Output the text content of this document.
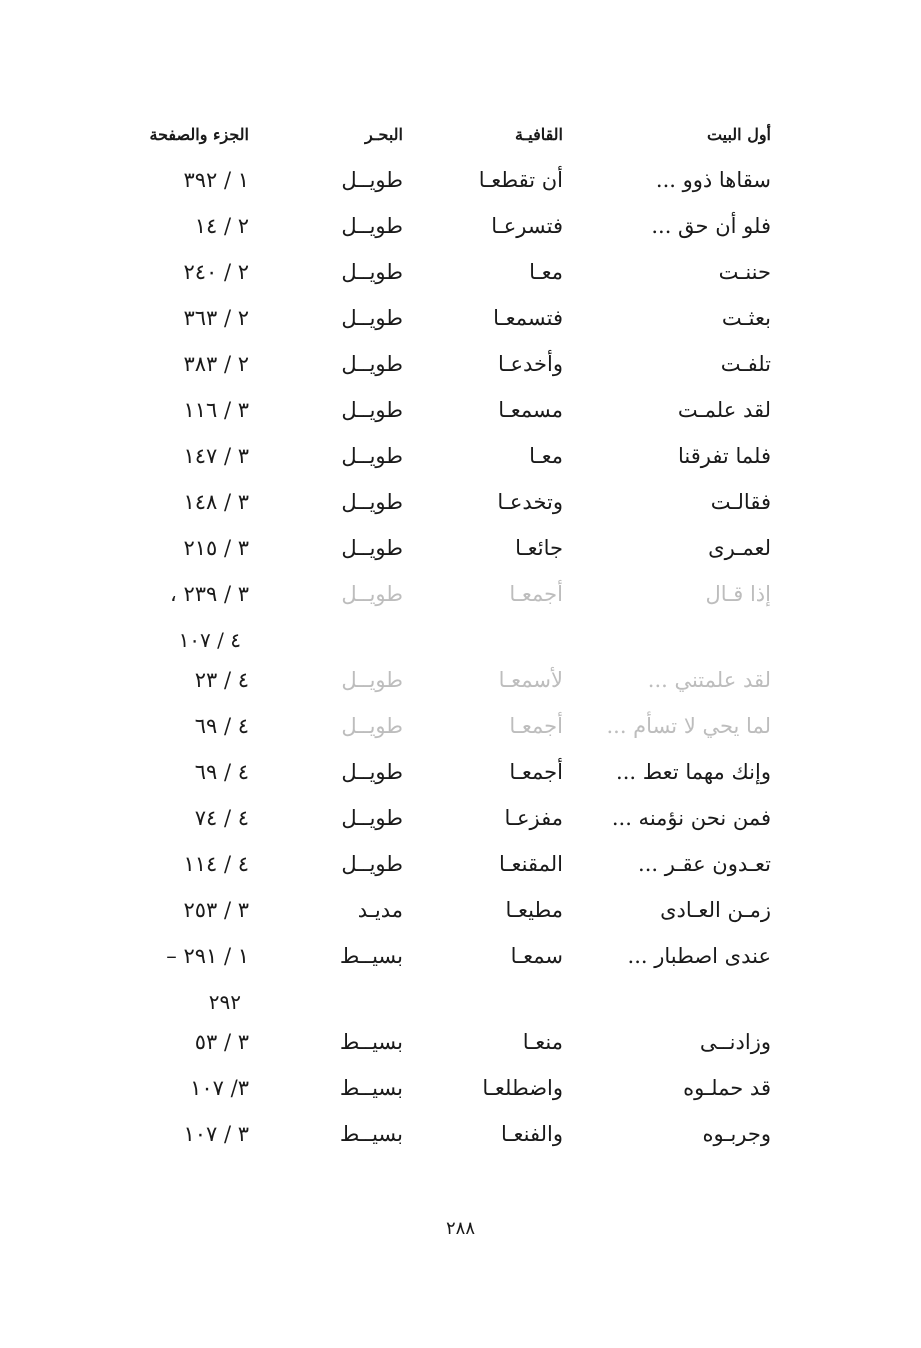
أول البيت
القافيـة
البحـر
الجزء والصفحة
سقاها ذوو ...
أن تقطعـا
طويــل
١ / ٣٩٢
فلو أن حق ...
فتسرعـا
طويــل
٢ / ١٤
حننـت
معـا
طويــل
٢ / ٢٤٠
بعثـت
فتسمعـا
طويــل
٢ / ٣٦٣
تلفـت
وأخدعـا
طويــل
٢ / ٣٨٣
لقد علمـت
مسمعـا
طويــل
٣ / ١١٦
فلما تفرقنا
معـا
طويــل
٣ / ١٤٧
فقالـت
وتخدعـا
طويــل
٣ / ١٤٨
لعمـرى
جائعـا
طويــل
٣ / ٢١٥
إذا قـال
أجمعـا
طويــل
٣ / ٢٣٩ ،
٤ / ١٠٧
لقد علمتني ...
لأسمعـا
طويــل
٤ / ٢٣
لما يحي لا تسأم ...
أجمعـا
طويــل
٤ / ٦٩
وإنك مهما تعط ...
أجمعـا
طويــل
٤ / ٦٩
فمن نحن نؤمنه ...
مفزعـا
طويــل
٤ / ٧٤
تعـدون عقـر ...
المقنعـا
طويــل
٤ / ١١٤
زمـن العـادى
مطيعـا
مديـد
٣ / ٢٥٣
عندى اصطبار ...
سمعـا
بسيــط
١ / ٢٩١ –
٢٩٢
وزادنــى
منعـا
بسيــط
٣ / ٥٣
قد حملـوه
واضطلعـا
بسيــط
٣/ ١٠٧
وجربـوه
والفنعـا
بسيــط
٣ / ١٠٧
٢٨٨
